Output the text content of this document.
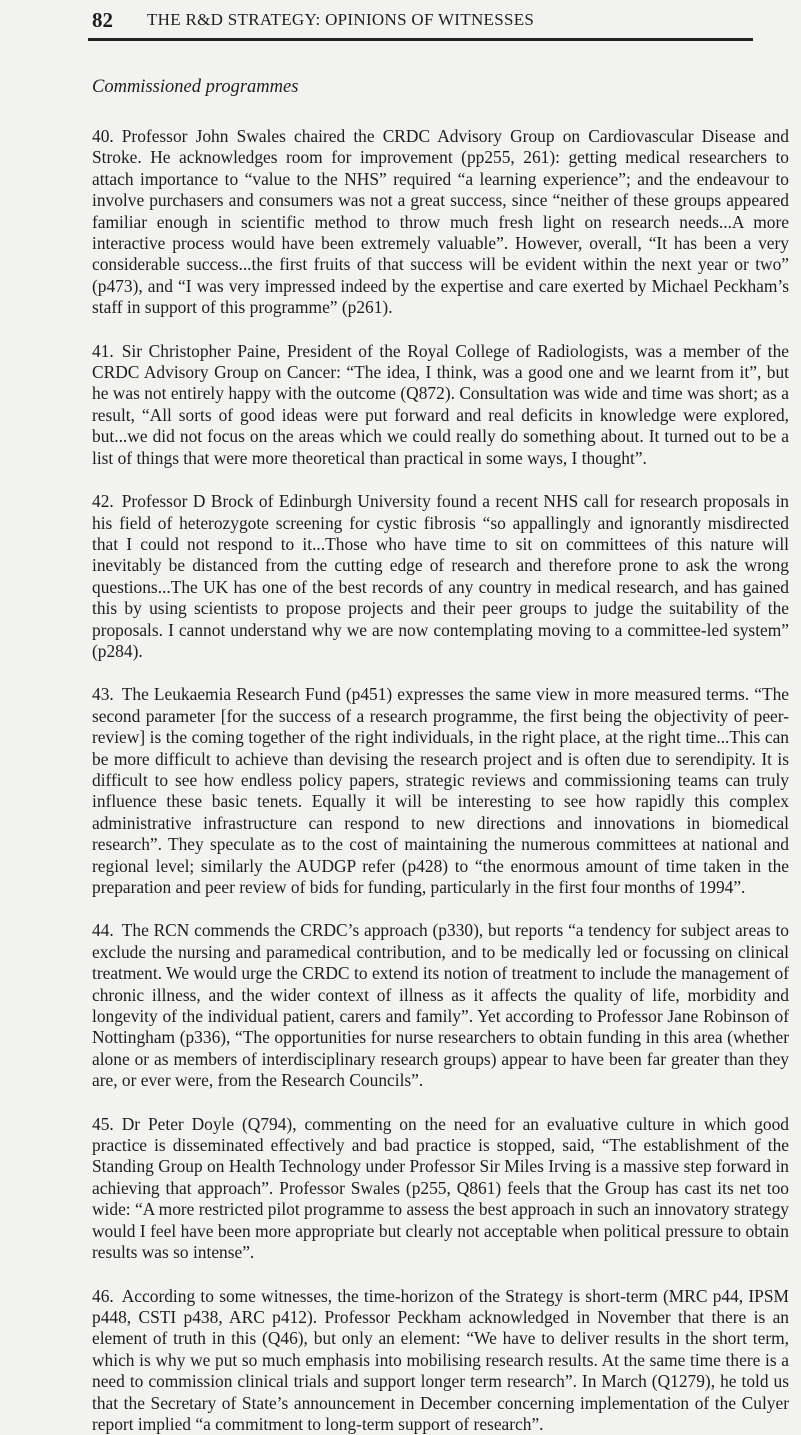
82 THE R&D STRATEGY: OPINIONS OF WITNESSES
Commissioned programmes

40. Professor John Swales chaired the CRDC Advisory Group on Cardiovascular Disease and Stroke. He acknowledges room for improvement (pp255, 261): getting medical researchers to attach importance to “value to the NHS” required “a learning experience”; and the endeavour to involve purchasers and consumers was not a great success, since “neither of these groups appeared familiar enough in scientific method to throw much fresh light on research needs...A more interactive process would have been extremely valuable”. However, overall, “It has been a very considerable success...the first fruits of that success will be evident within the next year or two” (p473), and “I was very impressed indeed by the expertise and care exerted by Michael Peckham’s staff in support of this programme” (p261).

41. Sir Christopher Paine, President of the Royal College of Radiologists, was a member of the CRDC Advisory Group on Cancer: “The idea, I think, was a good one and we learnt from it”, but he was not entirely happy with the outcome (Q872). Consultation was wide and time was short; as a result, “All sorts of good ideas were put forward and real deficits in knowledge were explored, but...we did not focus on the areas which we could really do something about. It turned out to be a list of things that were more theoretical than practical in some ways, I thought”.

42. Professor D Brock of Edinburgh University found a recent NHS call for research proposals in his field of heterozygote screening for cystic fibrosis “so appallingly and ignorantly misdirected that I could not respond to it...Those who have time to sit on committees of this nature will inevitably be distanced from the cutting edge of research and therefore prone to ask the wrong questions...The UK has one of the best records of any country in medical research, and has gained this by using scientists to propose projects and their peer groups to judge the suitability of the proposals. I cannot understand why we are now contemplating moving to a committee-led system” (p284).

43. The Leukaemia Research Fund (p451) expresses the same view in more measured terms. “The second parameter [for the success of a research programme, the first being the objectivity of peer-review] is the coming together of the right individuals, in the right place, at the right time...This can be more difficult to achieve than devising the research project and is often due to serendipity. It is difficult to see how endless policy papers, strategic reviews and commissioning teams can truly influence these basic tenets. Equally it will be interesting to see how rapidly this complex administrative infrastructure can respond to new directions and innovations in biomedical research”. They speculate as to the cost of maintaining the numerous committees at national and regional level; similarly the AUDGP refer (p428) to “the enormous amount of time taken in the preparation and peer review of bids for funding, particularly in the first four months of 1994”.

44. The RCN commends the CRDC’s approach (p330), but reports “a tendency for subject areas to exclude the nursing and paramedical contribution, and to be medically led or focussing on clinical treatment. We would urge the CRDC to extend its notion of treatment to include the management of chronic illness, and the wider context of illness as it affects the quality of life, morbidity and longevity of the individual patient, carers and family”. Yet according to Professor Jane Robinson of Nottingham (p336), “The opportunities for nurse researchers to obtain funding in this area (whether alone or as members of interdisciplinary research groups) appear to have been far greater than they are, or ever were, from the Research Councils”.

45. Dr Peter Doyle (Q794), commenting on the need for an evaluative culture in which good practice is disseminated effectively and bad practice is stopped, said, “The establishment of the Standing Group on Health Technology under Professor Sir Miles Irving is a massive step forward in achieving that approach”. Professor Swales (p255, Q861) feels that the Group has cast its net too wide: “A more restricted pilot programme to assess the best approach in such an innovatory strategy would I feel have been more appropriate but clearly not acceptable when political pressure to obtain results was so intense”.

46. According to some witnesses, the time-horizon of the Strategy is short-term (MRC p44, IPSM p448, CSTI p438, ARC p412). Professor Peckham acknowledged in November that there is an element of truth in this (Q46), but only an element: “We have to deliver results in the short term, which is why we put so much emphasis into mobilising research results. At the same time there is a need to commission clinical trials and support longer term research”. In March (Q1279), he told us that the Secretary of State’s announcement in December concerning implementation of the Culyer report implied “a commitment to long-term support of research”.
